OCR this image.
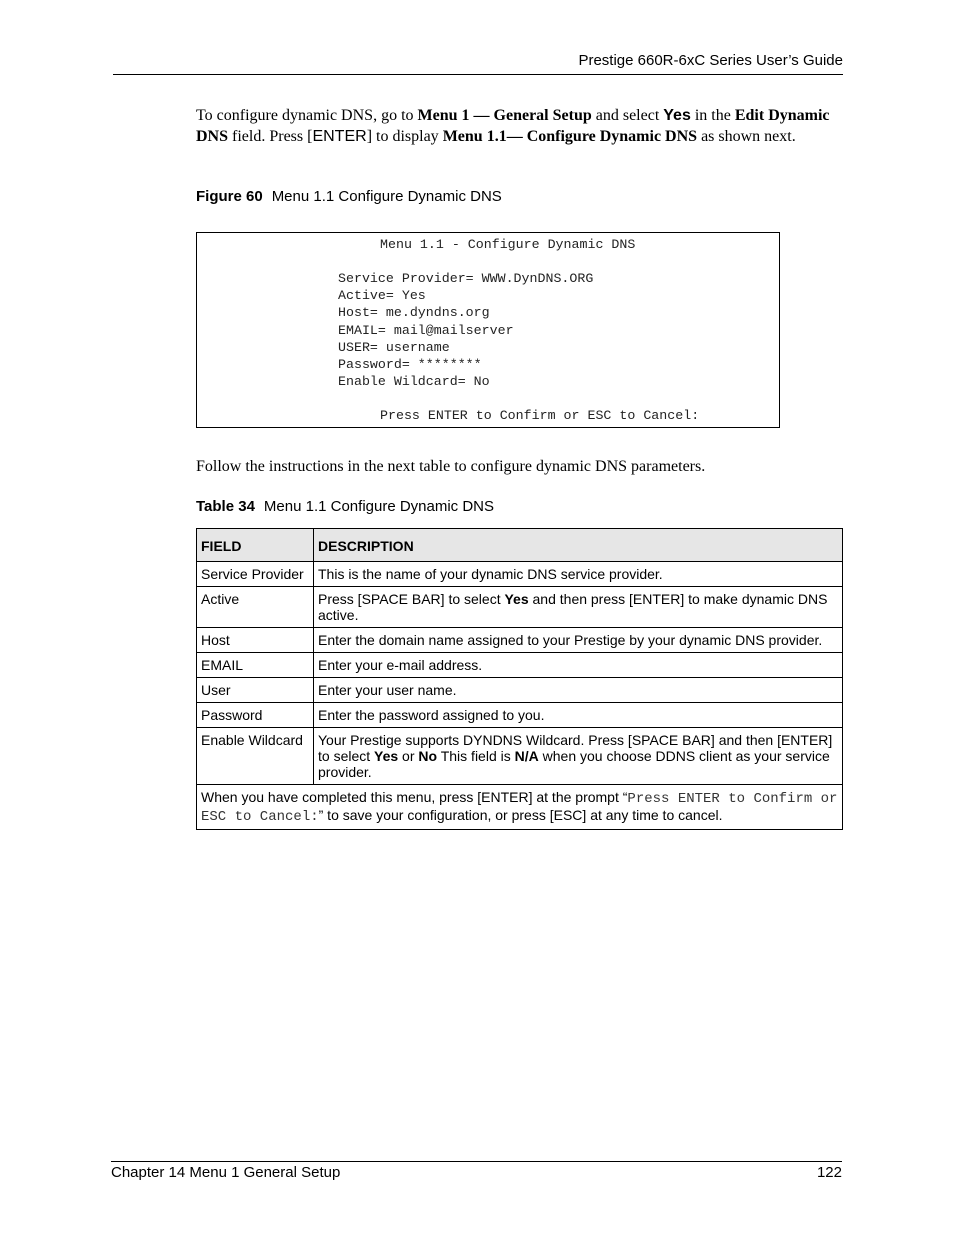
Prestige 660R-6xC Series User’s Guide
To configure dynamic DNS, go to Menu 1 — General Setup and select Yes in the Edit Dynamic DNS field. Press [ENTER] to display Menu 1.1— Configure Dynamic DNS as shown next.
Figure 60 Menu 1.1 Configure Dynamic DNS
Menu 1.1 - Configure Dynamic DNS
Service Provider= WWW.DynDNS.ORG
Active= Yes
Host= me.dyndns.org
EMAIL= mail@mailserver
USER= username
Password= ********
Enable Wildcard= No
Press ENTER to Confirm or ESC to Cancel:
Follow the instructions in the next table to configure dynamic DNS parameters.
Table 34 Menu 1.1 Configure Dynamic DNS
FIELD	DESCRIPTION
Service Provider	This is the name of your dynamic DNS service provider.
Active	Press [SPACE BAR] to select Yes and then press [ENTER] to make dynamic DNS active.
Host	Enter the domain name assigned to your Prestige by your dynamic DNS provider.
EMAIL	Enter your e-mail address.
User	Enter your user name.
Password	Enter the password assigned to you.
Enable Wildcard	Your Prestige supports DYNDNS Wildcard. Press [SPACE BAR] and then [ENTER] to select Yes or No This field is N/A when you choose DDNS client as your service provider.
When you have completed this menu, press [ENTER] at the prompt “Press ENTER to Confirm or ESC to Cancel:” to save your configuration, or press [ESC] at any time to cancel.	
Chapter 14 Menu 1 General Setup	122
